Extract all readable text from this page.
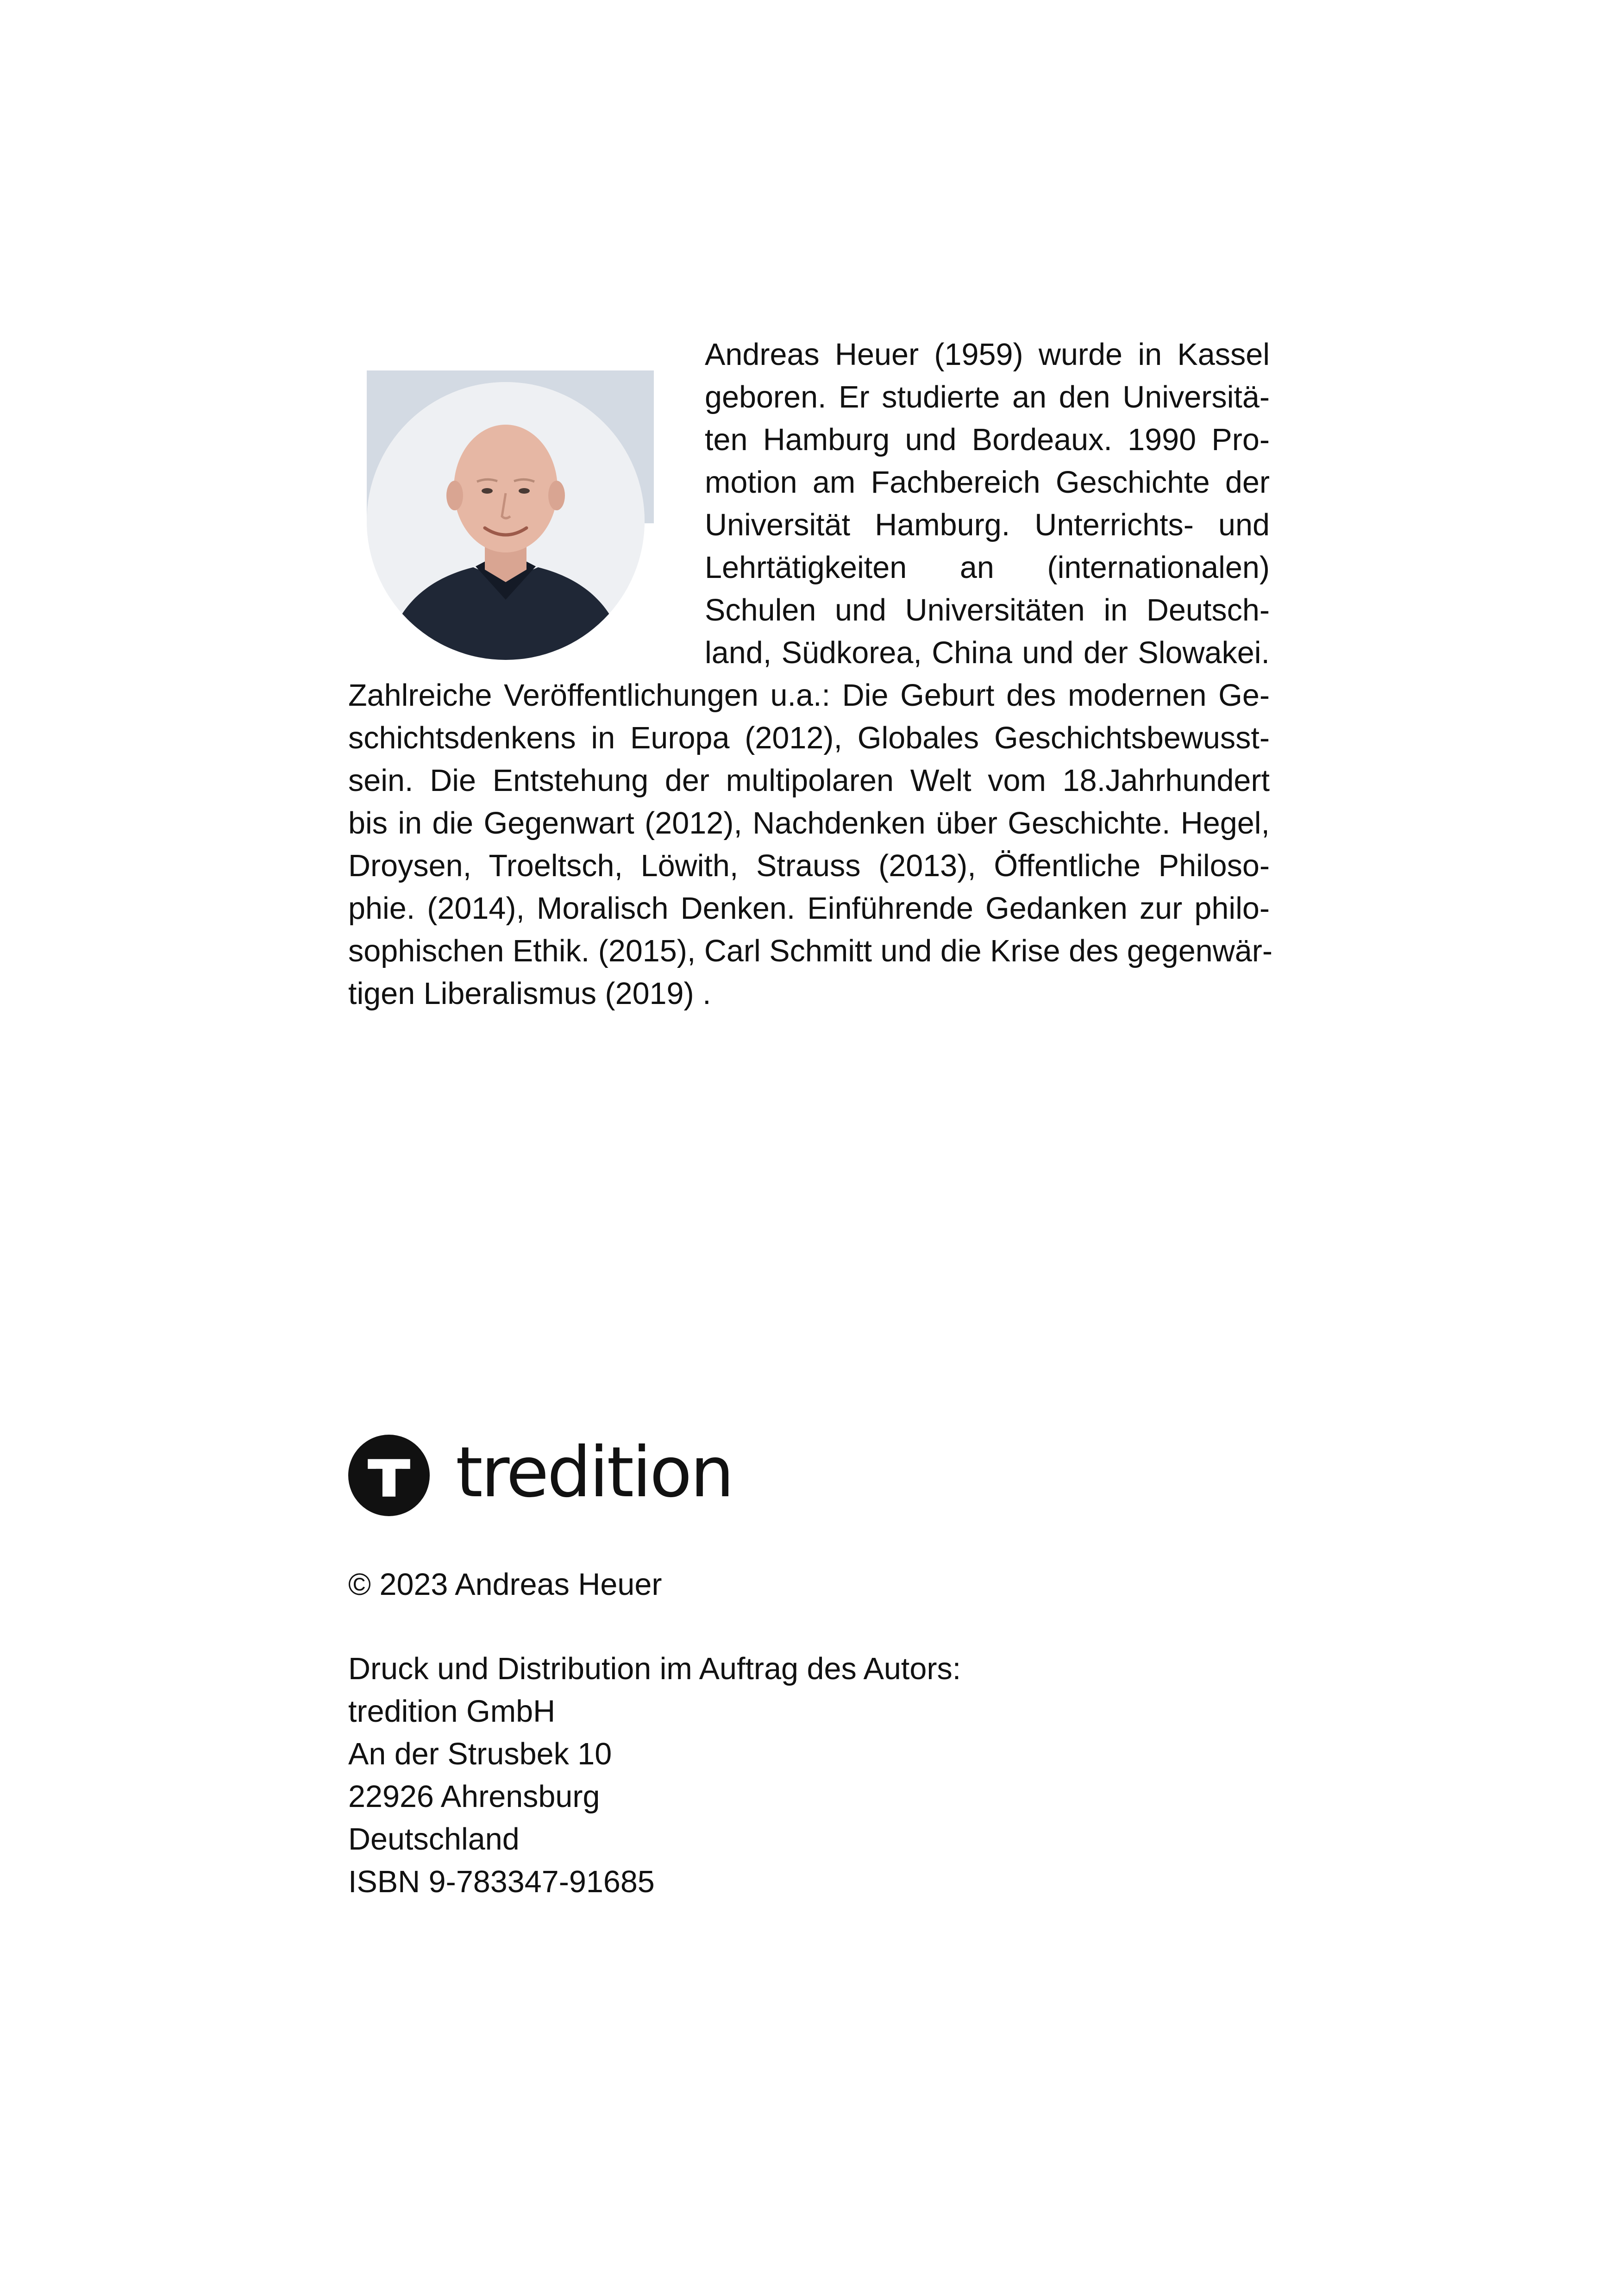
Andreas Heuer (1959) wurde in Kassel
geboren. Er studierte an den Universitä-
ten Hamburg und Bordeaux. 1990 Pro-
motion am Fachbereich Geschichte der
Universität Hamburg. Unterrichts- und
Lehrtätigkeiten an (internationalen)
Schulen und Universitäten in Deutsch-
land, Südkorea, China und der Slowakei.
Zahlreiche Veröffentlichungen u.a.: Die Geburt des modernen Ge-
schichtsdenkens in Europa (2012), Globales Geschichtsbewusst-
sein. Die Entstehung der multipolaren Welt vom 18.Jahrhundert
bis in die Gegenwart (2012), Nachdenken über Geschichte. Hegel,
Droysen, Troeltsch, Löwith, Strauss (2013), Öffentliche Philoso-
phie. (2014), Moralisch Denken. Einführende Gedanken zur philo-
sophischen Ethik. (2015), Carl Schmitt und die Krise des gegenwär-
tigen Liberalismus (2019) .
tredition
© 2023 Andreas Heuer
Druck und Distribution im Auftrag des Autors:
tredition GmbH
An der Strusbek 10
22926 Ahrensburg
Deutschland
ISBN 9-783347-91685
